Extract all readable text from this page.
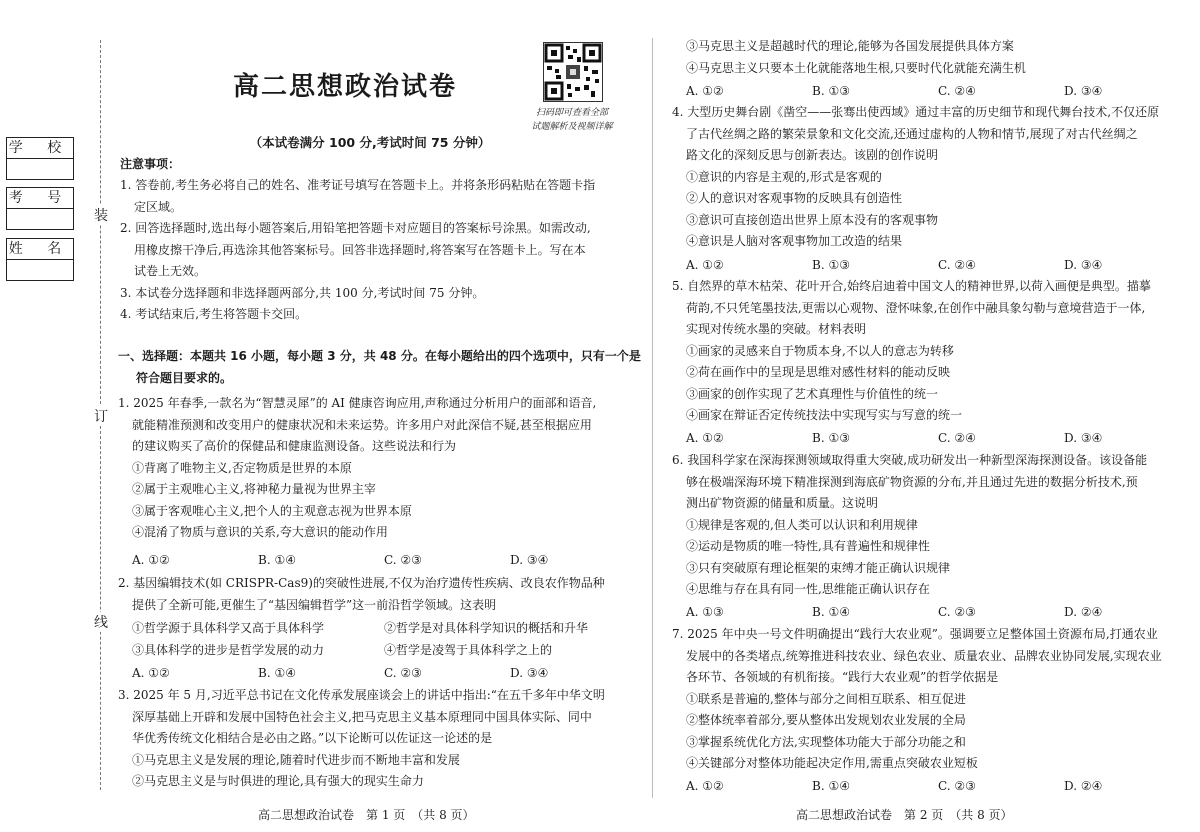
学 校
考 号
姓 名
装
订
线
高二思想政治试卷
扫码即可查看全部
试题解析及视频详解
（本试卷满分 100 分,考试时间 75 分钟）
注意事项：
1. 答卷前,考生务必将自己的姓名、准考证号填写在答题卡上。并将条形码粘贴在答题卡指
定区域。
2. 回答选择题时,选出每小题答案后,用铅笔把答题卡对应题目的答案标号涂黑。如需改动,
用橡皮擦干净后,再选涂其他答案标号。回答非选择题时,将答案写在答题卡上。写在本
试卷上无效。
3. 本试卷分选择题和非选择题两部分,共 100 分,考试时间 75 分钟。
4. 考试结束后,考生将答题卡交回。
一、选择题：本题共 16 小题，每小题 3 分，共 48 分。在每小题给出的四个选项中，只有一个是
符合题目要求的。
1. 2025 年春季,一款名为“智慧灵犀”的 AI 健康咨询应用,声称通过分析用户的面部和语音,
就能精准预测和改变用户的健康状况和未来运势。许多用户对此深信不疑,甚至根据应用
的建议购买了高价的保健品和健康监测设备。这些说法和行为
①背离了唯物主义,否定物质是世界的本原
②属于主观唯心主义,将神秘力量视为世界主宰
③属于客观唯心主义,把个人的主观意志视为世界本原
④混淆了物质与意识的关系,夸大意识的能动作用
A. ①②	B. ①④	C. ②③	D. ③④
2. 基因编辑技术(如 CRISPR-Cas9)的突破性进展,不仅为治疗遗传性疾病、改良农作物品种
提供了全新可能,更催生了“基因编辑哲学”这一前沿哲学领域。这表明
①哲学源于具体科学又高于具体科学	②哲学是对具体科学知识的概括和升华
③具体科学的进步是哲学发展的动力	④哲学是凌驾于具体科学之上的
A. ①②	B. ①④	C. ②③	D. ③④
3. 2025 年 5 月,习近平总书记在文化传承发展座谈会上的讲话中指出:“在五千多年中华文明
深厚基础上开辟和发展中国特色社会主义,把马克思主义基本原理同中国具体实际、同中
华优秀传统文化相结合是必由之路。”以下论断可以佐证这一论述的是
①马克思主义是发展的理论,随着时代进步而不断地丰富和发展
②马克思主义是与时俱进的理论,具有强大的现实生命力
高二思想政治试卷　第 1 页　（共 8 页）
③马克思主义是超越时代的理论,能够为各国发展提供具体方案
④马克思主义只要本土化就能落地生根,只要时代化就能充满生机
A. ①②	B. ①③	C. ②④	D. ③④
4. 大型历史舞台剧《凿空——张骞出使西域》通过丰富的历史细节和现代舞台技术,不仅还原
了古代丝绸之路的繁荣景象和文化交流,还通过虚构的人物和情节,展现了对古代丝绸之
路文化的深刻反思与创新表达。该剧的创作说明
①意识的内容是主观的,形式是客观的
②人的意识对客观事物的反映具有创造性
③意识可直接创造出世界上原本没有的客观事物
④意识是人脑对客观事物加工改造的结果
A. ①②	B. ①③	C. ②④	D. ③④
5. 自然界的草木枯荣、花叶开合,始终启迪着中国文人的精神世界,以荷入画便是典型。描摹
荷韵,不只凭笔墨技法,更需以心观物、澄怀味象,在创作中融具象勾勒与意境营造于一体,
实现对传统水墨的突破。材料表明
①画家的灵感来自于物质本身,不以人的意志为转移
②荷在画作中的呈现是思维对感性材料的能动反映
③画家的创作实现了艺术真理性与价值性的统一
④画家在辩证否定传统技法中实现写实与写意的统一
A. ①②	B. ①③	C. ②④	D. ③④
6. 我国科学家在深海探测领域取得重大突破,成功研发出一种新型深海探测设备。该设备能
够在极端深海环境下精准探测到海底矿物资源的分布,并且通过先进的数据分析技术,预
测出矿物资源的储量和质量。这说明
①规律是客观的,但人类可以认识和利用规律
②运动是物质的唯一特性,具有普遍性和规律性
③只有突破原有理论框架的束缚才能正确认识规律
④思维与存在具有同一性,思维能正确认识存在
A. ①③	B. ①④	C. ②③	D. ②④
7. 2025 年中央一号文件明确提出“践行大农业观”。强调要立足整体国土资源布局,打通农业
发展中的各类堵点,统筹推进科技农业、绿色农业、质量农业、品牌农业协同发展,实现农业
各环节、各领域的有机衔接。“践行大农业观”的哲学依据是
①联系是普遍的,整体与部分之间相互联系、相互促进
②整体统率着部分,要从整体出发规划农业发展的全局
③掌握系统优化方法,实现整体功能大于部分功能之和
④关键部分对整体功能起决定作用,需重点突破农业短板
A. ①②	B. ①④	C. ②③	D. ②④
高二思想政治试卷　第 2 页　（共 8 页）
